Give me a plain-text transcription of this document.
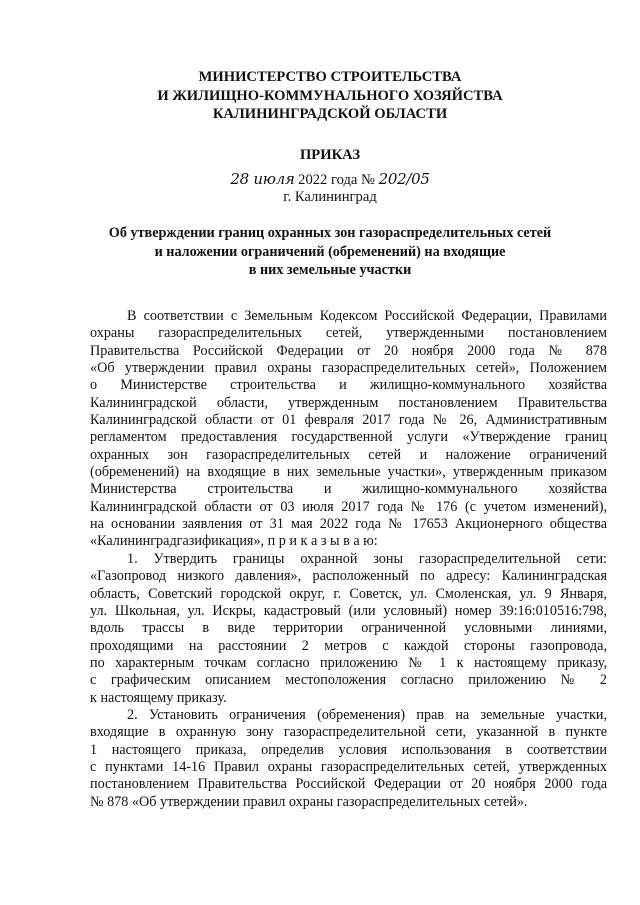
МИНИСТЕРСТВО СТРОИТЕЛЬСТВА
И ЖИЛИЩНО-КОММУНАЛЬНОГО ХОЗЯЙСТВА
КАЛИНИНГРАДСКОЙ ОБЛАСТИ
ПРИКАЗ
28 июля 2022 года № 202/05
г. Калининград
Об утверждении границ охранных зон газораспределительных сетей
и наложении ограничений (обременений) на входящие
в них земельные участки
В соответствии с Земельным Кодексом Российской Федерации, Правилами
охраны газораспределительных сетей, утвержденными постановлением
Правительства Российской Федерации от 20 ноября 2000 года № 878
«Об утверждении правил охраны газораспределительных сетей», Положением
о Министерстве строительства и жилищно-коммунального хозяйства
Калининградской области, утвержденным постановлением Правительства
Калининградской области от 01 февраля 2017 года № 26, Административным
регламентом предоставления государственной услуги «Утверждение границ
охранных зон газораспределительных сетей и наложение ограничений
(обременений) на входящие в них земельные участки», утвержденным приказом
Министерства строительства и жилищно-коммунального хозяйства
Калининградской области от 03 июля 2017 года № 176 (с учетом изменений),
на основании заявления от 31 мая 2022 года № 17653 Акционерного общества
«Калининградгазификация», п р и к а з ы в а ю:
1. Утвердить границы охранной зоны газораспределительной сети:
«Газопровод низкого давления», расположенный по адресу: Калининградская
область, Советский городской округ, г. Советск, ул. Смоленская, ул. 9 Января,
ул. Школьная, ул. Искры, кадастровый (или условный) номер 39:16:010516:798,
вдоль трассы в виде территории ограниченной условными линиями,
проходящими на расстоянии 2 метров с каждой стороны газопровода,
по характерным точкам согласно приложению № 1 к настоящему приказу,
с графическим описанием местоположения согласно приложению № 2
к настоящему приказу.
2. Установить ограничения (обременения) прав на земельные участки,
входящие в охранную зону газораспределительной сети, указанной в пункте
1 настоящего приказа, определив условия использования в соответствии
с пунктами 14-16 Правил охраны газораспределительных сетей, утвержденных
постановлением Правительства Российской Федерации от 20 ноября 2000 года
№ 878 «Об утверждении правил охраны газораспределительных сетей».
